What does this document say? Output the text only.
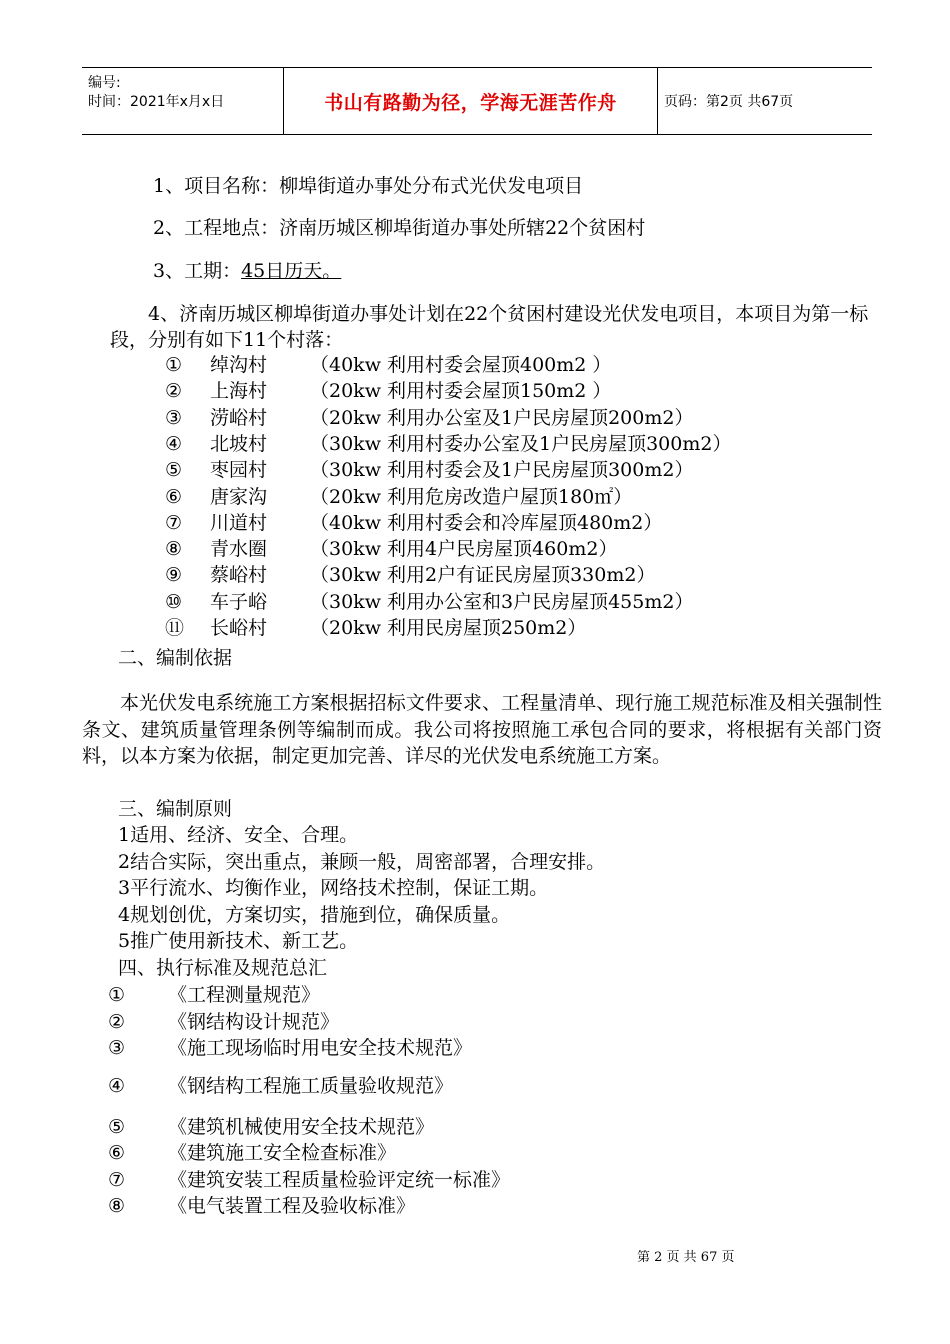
编号:
时间：2021年x月x日	书山有路勤为径，学海无涯苦作舟	页码：第2页 共67页
1、项目名称：柳埠街道办事处分布式光伏发电项目
2、工程地点：济南历城区柳埠街道办事处所辖22个贫困村
3、工期：45日历天。
4、济南历城区柳埠街道办事处计划在22个贫困村建设光伏发电项目，本项目为第一标段，分别有如下11个村落：
①	绰沟村 （40kw 利用村委会屋顶400m2 ）
②	上海村 （20kw 利用村委会屋顶150m2 ）
③	涝峪村 （20kw 利用办公室及1户民房屋顶200m2）
④	北坡村 （30kw 利用村委办公室及1户民房屋顶300m2）
⑤	枣园村 （30kw 利用村委会及1户民房屋顶300m2）
⑥	唐家沟 （20kw 利用危房改造户屋顶180㎡）
⑦	川道村 （40kw 利用村委会和冷库屋顶480m2）
⑧	青水圈 （30kw 利用4户民房屋顶460m2）
⑨	蔡峪村 （30kw 利用2户有证民房屋顶330m2）
⑩	车子峪 （30kw 利用办公室和3户民房屋顶455m2）
⑪ 长峪村 （20kw 利用民房屋顶250m2）
二、编制依据
本光伏发电系统施工方案根据招标文件要求、工程量清单、现行施工规范标准及相关强制性条文、建筑质量管理条例等编制而成。我公司将按照施工承包合同的要求，将根据有关部门资料，以本方案为依据，制定更加完善、详尽的光伏发电系统施工方案。
三、编制原则
1适用、经济、安全、合理。
2结合实际，突出重点，兼顾一般，周密部署，合理安排。
3平行流水、均衡作业，网络技术控制，保证工期。
4规划创优，方案切实，措施到位，确保质量。
5推广使用新技术、新工艺。
四、执行标准及规范总汇
① 《工程测量规范》
② 《钢结构设计规范》
③ 《施工现场临时用电安全技术规范》
④ 《钢结构工程施工质量验收规范》
⑤ 《建筑机械使用安全技术规范》
⑥ 《建筑施工安全检查标准》
⑦ 《建筑安装工程质量检验评定统一标准》
⑧ 《电气装置工程及验收标准》
第 2 页 共 67 页
